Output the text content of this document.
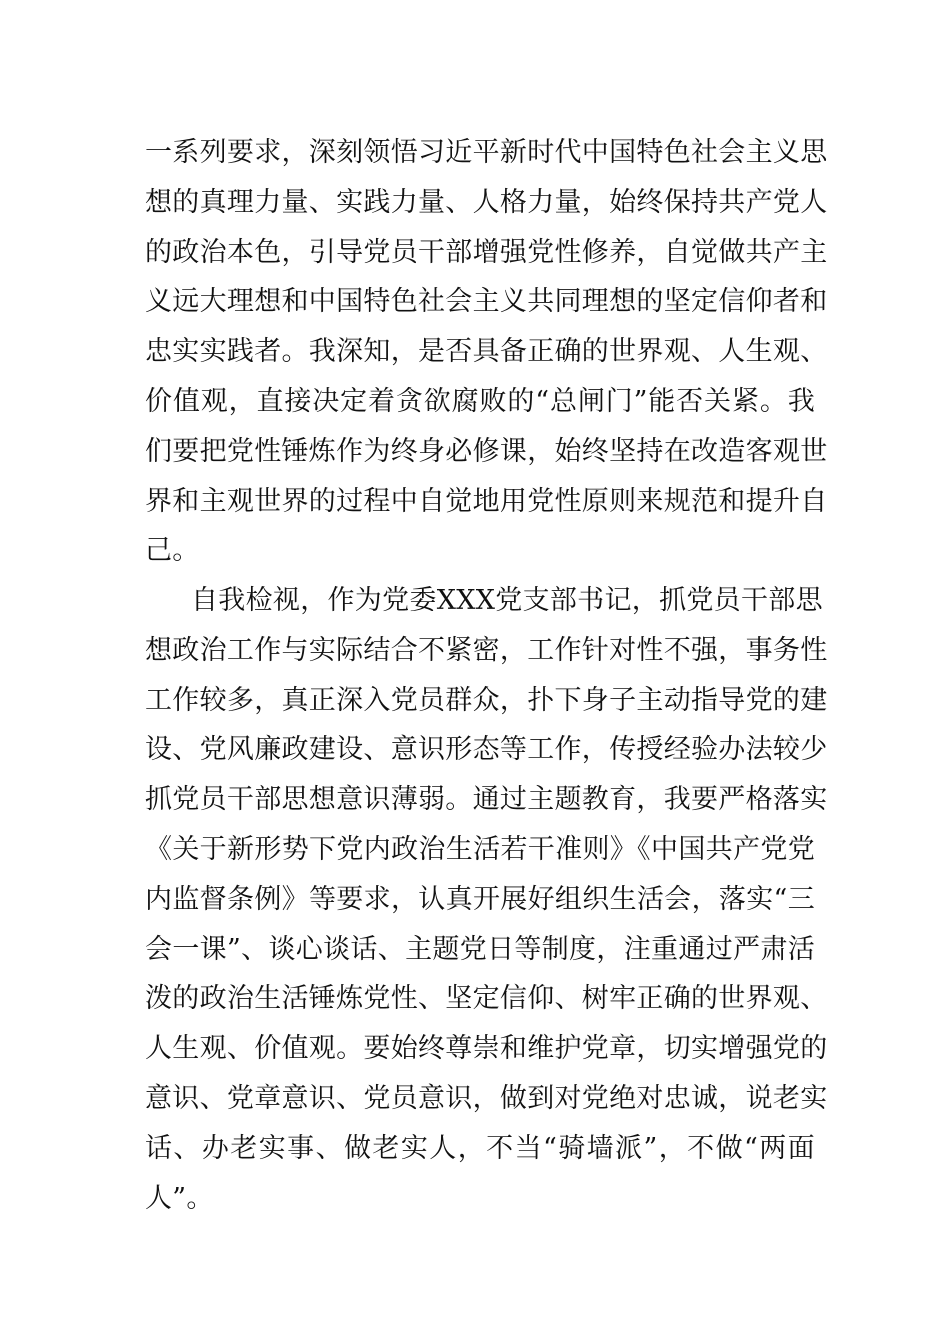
一系列要求，深刻领悟习近平新时代中国特色社会主义思
想的真理力量、实践力量、人格力量，始终保持共产党人
的政治本色，引导党员干部增强党性修养，自觉做共产主
义远大理想和中国特色社会主义共同理想的坚定信仰者和
忠实实践者。我深知，是否具备正确的世界观、人生观、
价值观，直接决定着贪欲腐败的“总闸门”能否关紧。我
们要把党性锤炼作为终身必修课，始终坚持在改造客观世
界和主观世界的过程中自觉地用党性原则来规范和提升自
己。
自我检视，作为党委XXX党支部书记，抓党员干部思
想政治工作与实际结合不紧密，工作针对性不强，事务性
工作较多，真正深入党员群众，扑下身子主动指导党的建
设、党风廉政建设、意识形态等工作，传授经验办法较少
抓党员干部思想意识薄弱。通过主题教育，我要严格落实
《关于新形势下党内政治生活若干准则》《中国共产党党
内监督条例》等要求，认真开展好组织生活会，落实“三
会一课”、谈心谈话、主题党日等制度，注重通过严肃活
泼的政治生活锤炼党性、坚定信仰、树牢正确的世界观、
人生观、价值观。要始终尊崇和维护党章，切实增强党的
意识、党章意识、党员意识，做到对党绝对忠诚，说老实
话、办老实事、做老实人，不当“骑墙派”，不做“两面
人”。
